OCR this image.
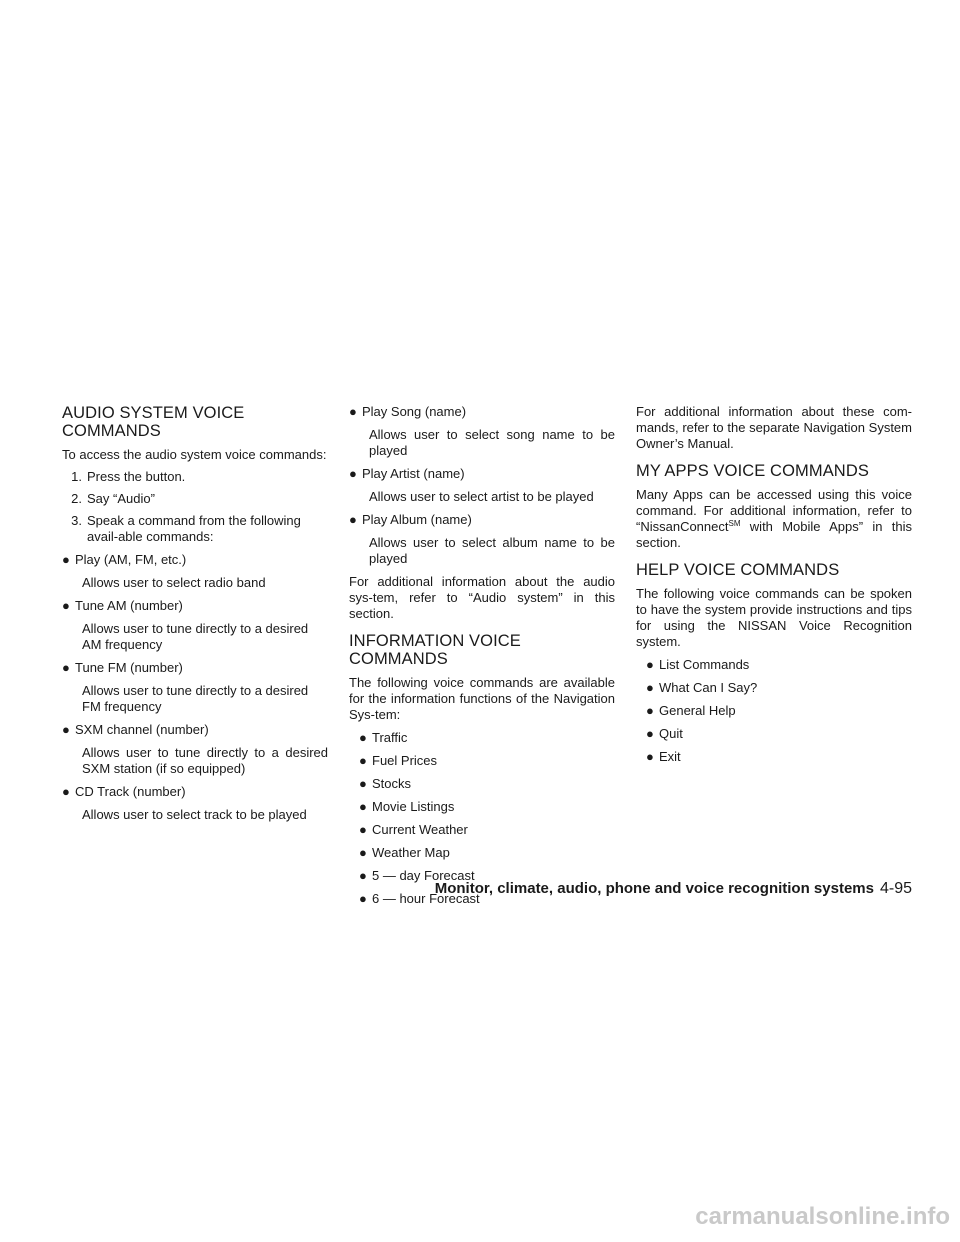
AUDIO SYSTEM VOICE COMMANDS

To access the audio system voice commands:

1. Press the button.
2. Say “Audio”
3. Speak a command from the following avail-able commands:
● Play (AM, FM, etc.)

Allows user to select radio band

● Tune AM (number)

Allows user to tune directly to a desired AM frequency

● Tune FM (number)

Allows user to tune directly to a desired FM frequency

● SXM channel (number)

Allows user to tune directly to a desired SXM station (if so equipped)

● CD Track (number)

Allows user to select track to be played

● Play Song (name)

Allows user to select song name to be played

● Play Artist (name)

Allows user to select artist to be played

● Play Album (name)

Allows user to select album name to be played

For additional information about the audio sys-tem, refer to “Audio system” in this section.

INFORMATION VOICE COMMANDS

The following voice commands are available for the information functions of the Navigation Sys-tem:

● Traffic
● Fuel Prices
● Stocks
● Movie Listings
● Current Weather
● Weather Map
● 5 — day Forecast
● 6 — hour Forecast

For additional information about these com-mands, refer to the separate Navigation System Owner’s Manual.

MY APPS VOICE COMMANDS

Many Apps can be accessed using this voice command. For additional information, refer to “NissanConnect℠ with Mobile Apps” in this section.

HELP VOICE COMMANDS

The following voice commands can be spoken to have the system provide instructions and tips for using the NISSAN Voice Recognition system.

● List Commands
● What Can I Say?
● General Help
● Quit
● Exit
Monitor, climate, audio, phone and voice recognition systems 4-95
carmanualsonline.info
